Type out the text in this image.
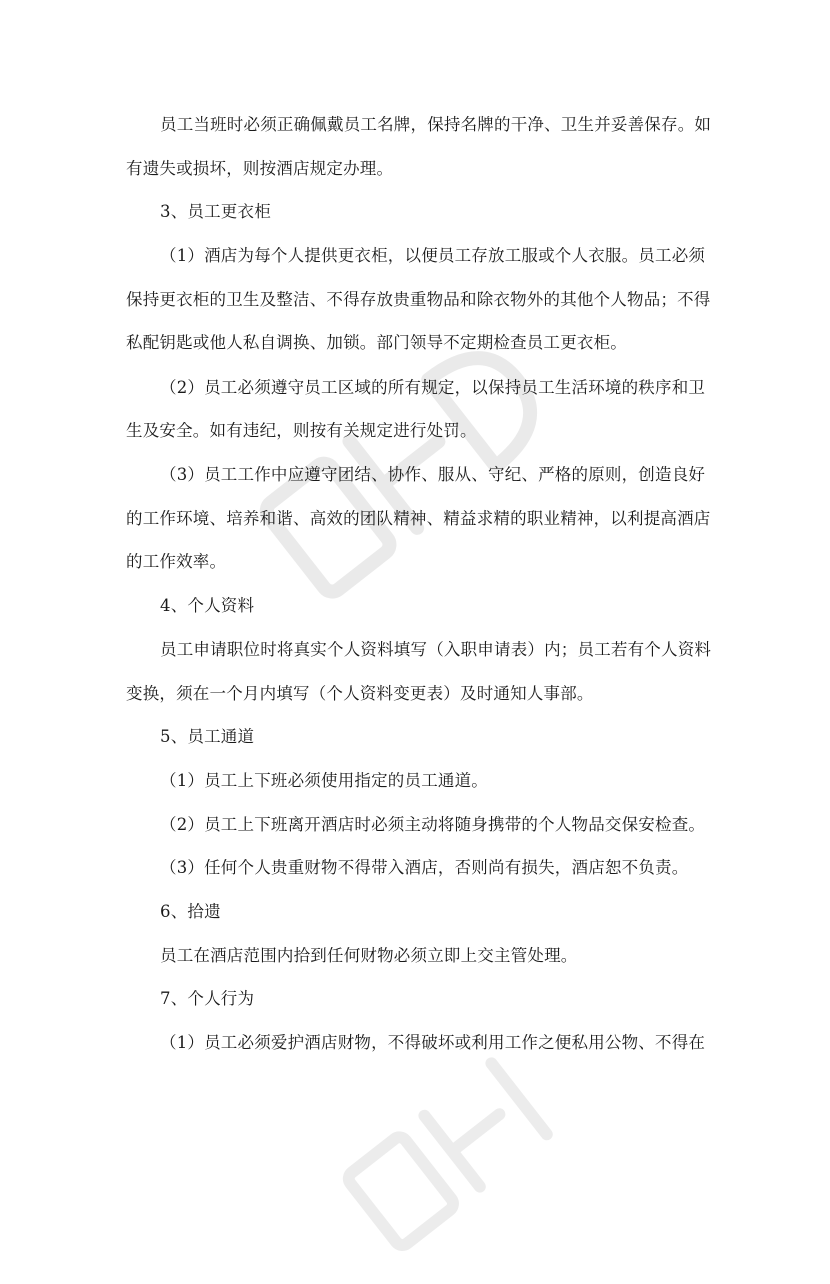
员工当班时必须正确佩戴员工名牌，保持名牌的干净、卫生并妥善保存。如
有遗失或损坏，则按酒店规定办理。
3、员工更衣柜
（1）酒店为每个人提供更衣柜，以便员工存放工服或个人衣服。员工必须
保持更衣柜的卫生及整洁、不得存放贵重物品和除衣物外的其他个人物品；不得
私配钥匙或他人私自调换、加锁。部门领导不定期检查员工更衣柜。
（2）员工必须遵守员工区域的所有规定，以保持员工生活环境的秩序和卫
生及安全。如有违纪，则按有关规定进行处罚。
（3）员工工作中应遵守团结、协作、服从、守纪、严格的原则，创造良好
的工作环境、培养和谐、高效的团队精神、精益求精的职业精神，以利提高酒店
的工作效率。
4、个人资料
员工申请职位时将真实个人资料填写（入职申请表）内；员工若有个人资料
变换，须在一个月内填写（个人资料变更表）及时通知人事部。
5、员工通道
（1）员工上下班必须使用指定的员工通道。
（2）员工上下班离开酒店时必须主动将随身携带的个人物品交保安检查。
（3）任何个人贵重财物不得带入酒店，否则尚有损失，酒店恕不负责。
6、拾遗
员工在酒店范围内拾到任何财物必须立即上交主管处理。
7、个人行为
（1）员工必须爱护酒店财物，不得破坏或利用工作之便私用公物、不得在
